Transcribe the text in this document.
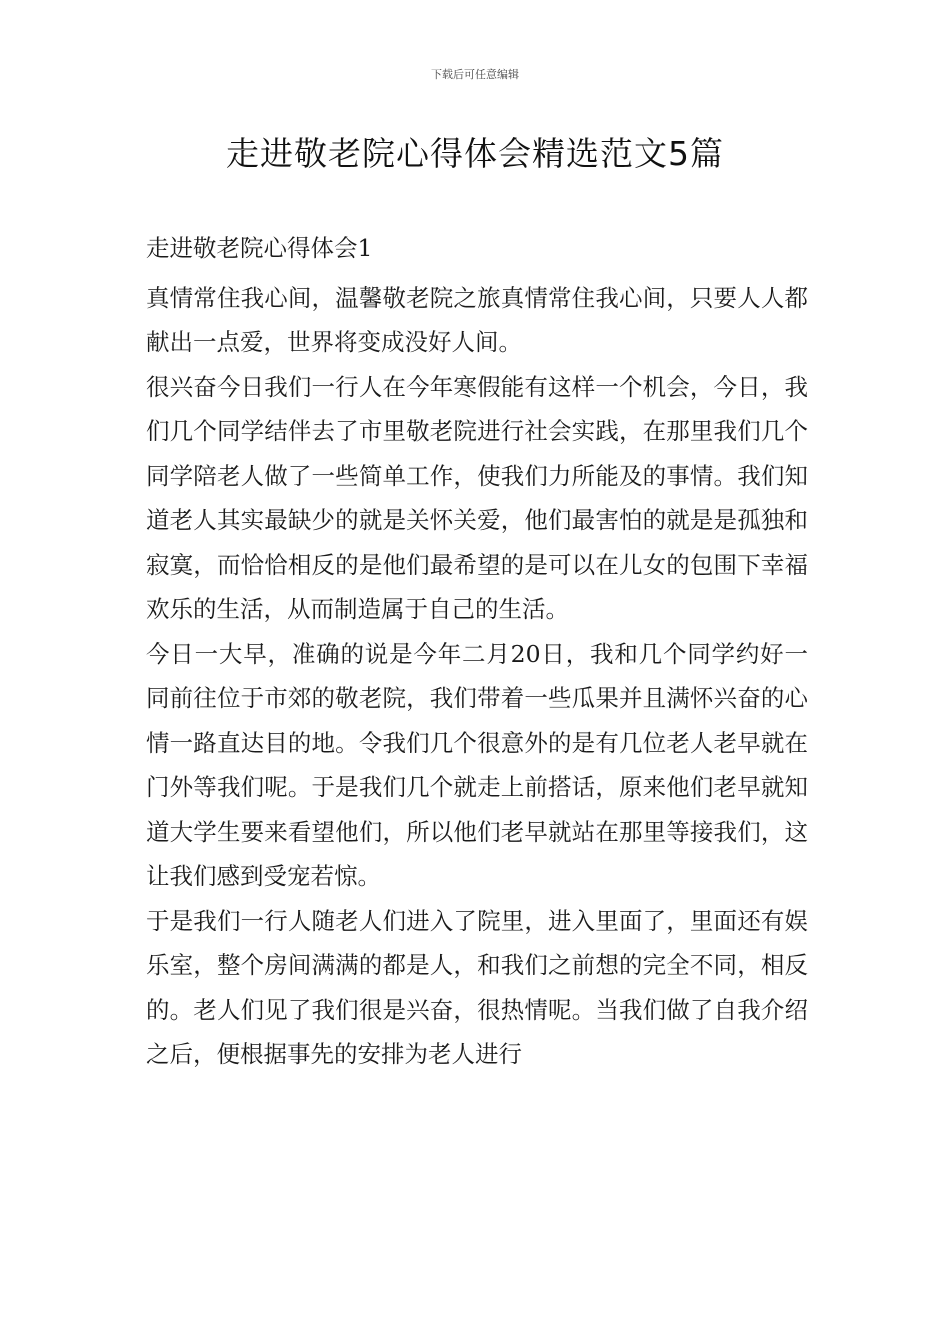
下载后可任意编辑
走进敬老院心得体会精选范文5篇

走进敬老院心得体会1

真情常住我心间，温馨敬老院之旅真情常住我心间，只要人人都献出一点爱，世界将变成没好人间。

很兴奋今日我们一行人在今年寒假能有这样一个机会，今日，我们几个同学结伴去了市里敬老院进行社会实践，在那里我们几个同学陪老人做了一些简单工作，使我们力所能及的事情。我们知道老人其实最缺少的就是关怀关爱，他们最害怕的就是是孤独和寂寞，而恰恰相反的是他们最希望的是可以在儿女的包围下幸福欢乐的生活，从而制造属于自己的生活。

今日一大早，准确的说是今年二月20日，我和几个同学约好一同前往位于市郊的敬老院，我们带着一些瓜果并且满怀兴奋的心情一路直达目的地。令我们几个很意外的是有几位老人老早就在门外等我们呢。于是我们几个就走上前搭话，原来他们老早就知道大学生要来看望他们，所以他们老早就站在那里等接我们，这让我们感到受宠若惊。

于是我们一行人随老人们进入了院里，进入里面了，里面还有娱乐室，整个房间满满的都是人，和我们之前想的完全不同，相反的。老人们见了我们很是兴奋，很热情呢。当我们做了自我介绍之后，便根据事先的安排为老人进行
